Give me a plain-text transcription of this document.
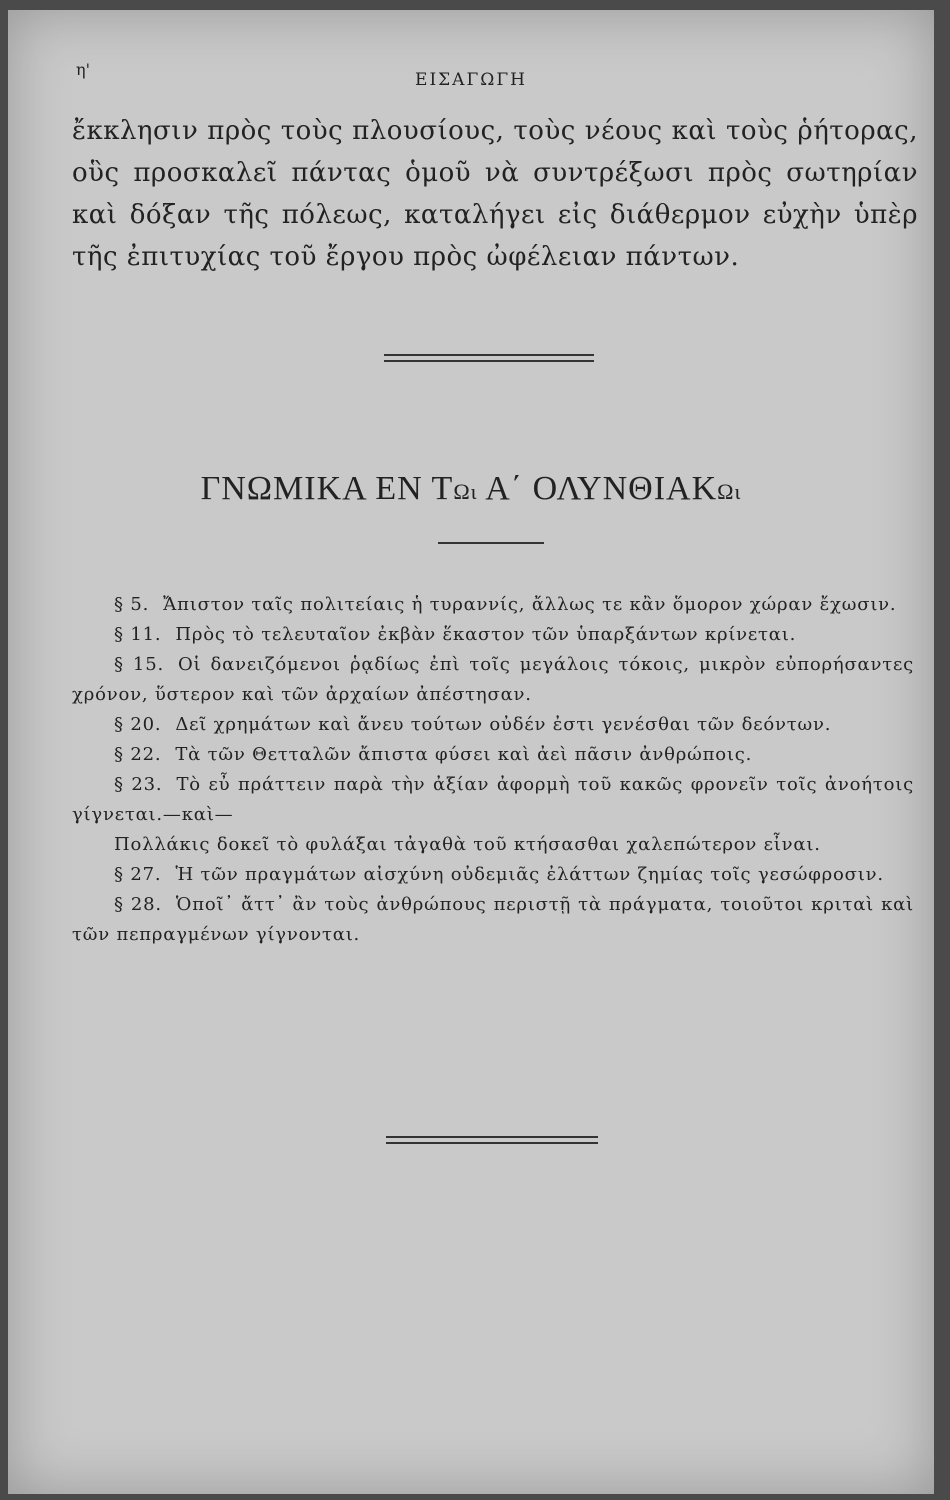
η'
ΕΙΣΑΓΩΓΗ

ἔκκλησιν πρὸς τοὺς πλουσίους, τοὺς νέους καὶ τοὺς ῥήτορας, οὓς προσκαλεῖ πάντας ὁμοῦ νὰ συντρέξωσι πρὸς σωτηρίαν καὶ δόξαν τῆς πόλεως, καταλήγει εἰς διάθερμον εὐχὴν ὑπὲρ τῆς ἐπιτυχίας τοῦ ἔργου πρὸς ὠφέλειαν πάντων.

ΓΝΩΜΙΚΑ ΕΝ ΤΩι Α΄ ΟΛΥΝΘΙΑΚΩι

§ 5. Ἄπιστον ταῖς πολιτείαις ἡ τυραννίς, ἄλλως τε κἂν ὅμορον χώραν ἔχωσιν.

§ 11. Πρὸς τὸ τελευταῖον ἐκβὰν ἕκαστον τῶν ὑπαρξάντων κρίνεται.

§ 15. Οἱ δανειζόμενοι ῥᾳδίως ἐπὶ τοῖς μεγάλοις τόκοις, μικρὸν εὐπορήσαντες χρόνον, ὕστερον καὶ τῶν ἀρχαίων ἀπέστησαν.

§ 20. Δεῖ χρημάτων καὶ ἄνευ τούτων οὐδέν ἐστι γενέσθαι τῶν δεόντων.

§ 22. Τὰ τῶν Θετταλῶν ἄπιστα φύσει καὶ ἀεὶ πᾶσιν ἀνθρώποις.

§ 23. Τὸ εὖ πράττειν παρὰ τὴν ἀξίαν ἀφορμὴ τοῦ κακῶς φρονεῖν τοῖς ἀνοήτοις γίγνεται.—καὶ—

Πολλάκις δοκεῖ τὸ φυλάξαι τἀγαθὰ τοῦ κτήσασθαι χαλεπώτερον εἶναι.

§ 27. Ἡ τῶν πραγμάτων αἰσχύνη οὐδεμιᾶς ἐλάττων ζημίας τοῖς γεσώφροσιν.

§ 28. Ὁποῖ᾽ ἄττ᾽ ἂν τοὺς ἀνθρώπους περιστῇ τὰ πράγματα, τοιοῦτοι κριταὶ καὶ τῶν πεπραγμένων γίγνονται.
